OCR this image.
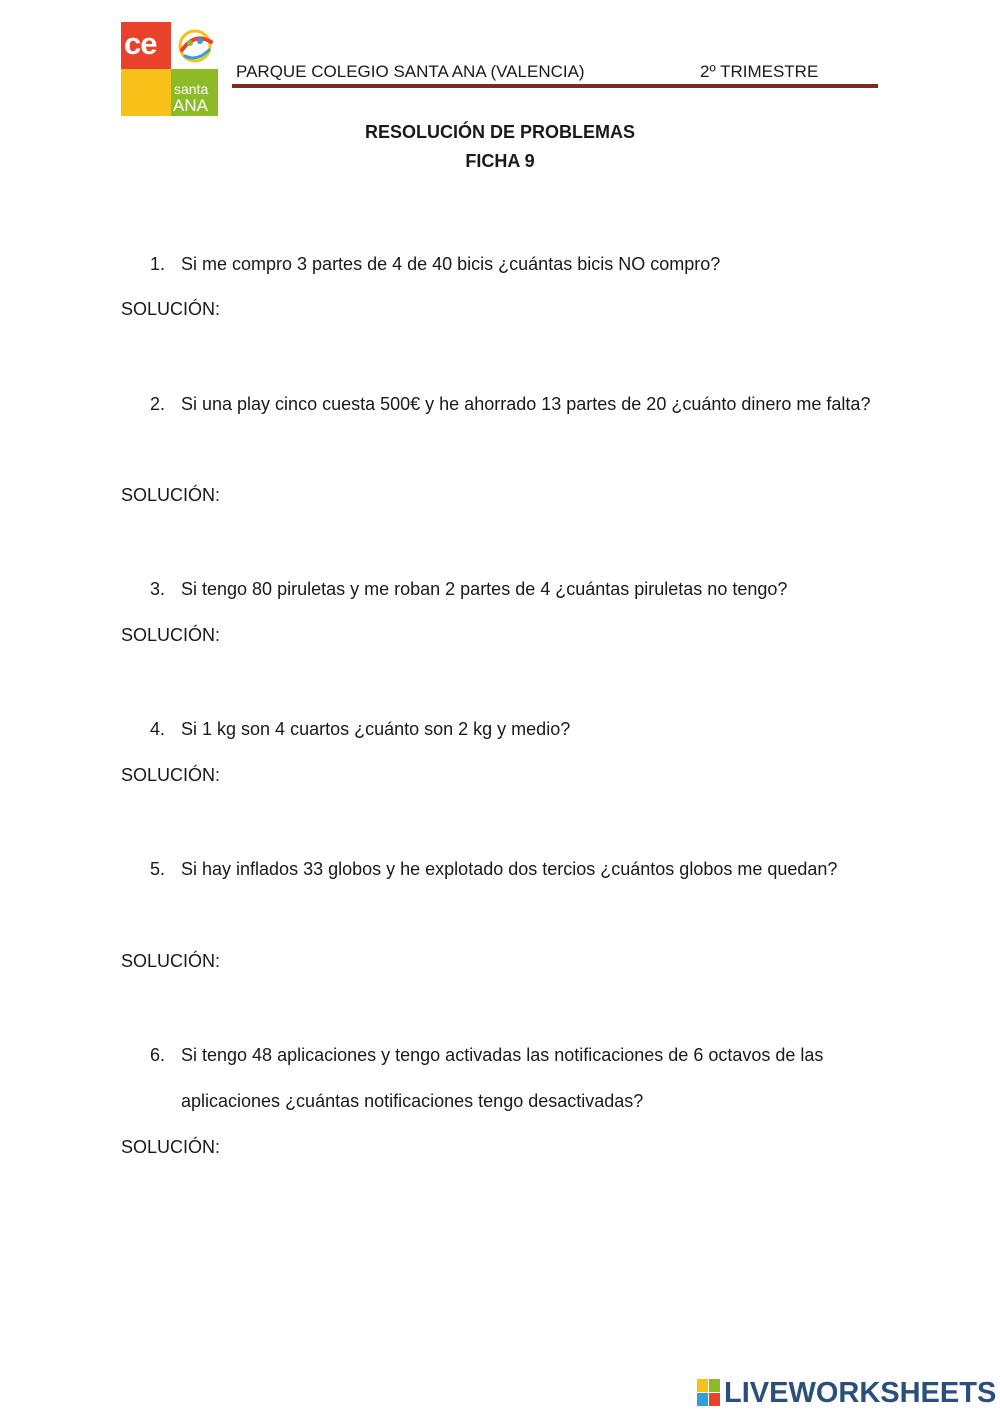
ce
santa
ANA
PARQUE COLEGIO SANTA ANA (VALENCIA)	2º TRIMESTRE
RESOLUCIÓN DE PROBLEMAS
FICHA 9
1. Si me compro 3 partes de 4 de 40 bicis ¿cuántas bicis NO compro?
SOLUCIÓN:
2. Si una play cinco cuesta 500€ y he ahorrado 13 partes de 20 ¿cuánto dinero me falta?
SOLUCIÓN:
3. Si tengo 80 piruletas y me roban 2 partes de 4 ¿cuántas piruletas no tengo?
SOLUCIÓN:
4. Si 1 kg son 4 cuartos ¿cuánto son 2 kg y medio?
SOLUCIÓN:
5. Si hay inflados 33 globos y he explotado dos tercios ¿cuántos globos me quedan?
SOLUCIÓN:
6. Si tengo 48 aplicaciones y tengo activadas las notificaciones de 6 octavos de las aplicaciones ¿cuántas notificaciones tengo desactivadas?
SOLUCIÓN:
LIVEWORKSHEETS
